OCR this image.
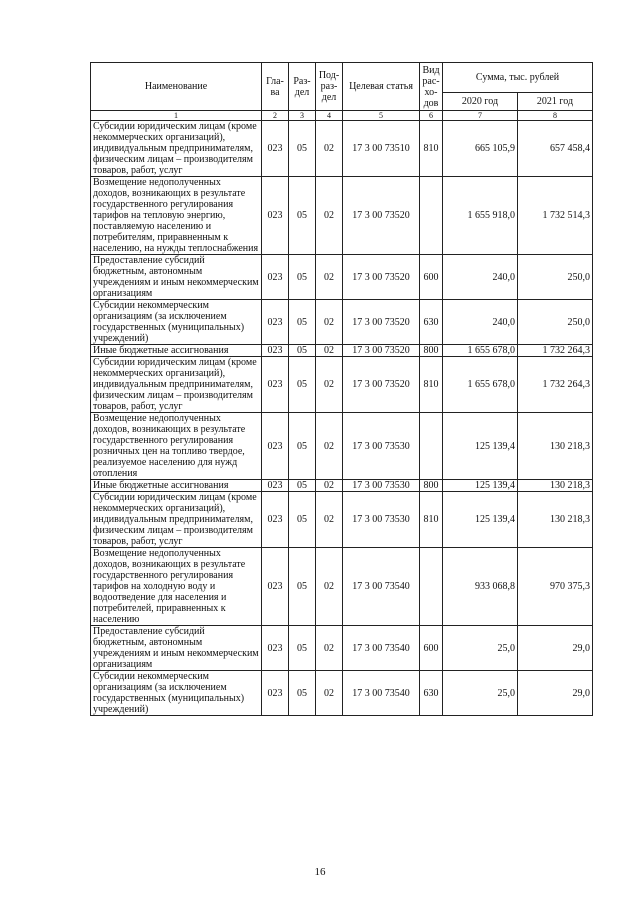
Наименование	Гла-ва	Раз-дел	Под-раз-дел	Целевая статья	Вид рас-хо-дов	Сумма, тыс. рублей	
						2020 год	2021 год
1	2	3	4	5	6	7	8
Субсидии юридическим лицам (кроме некоммерческих организаций), индивидуальным предпринимателям, физическим лицам – производителям товаров, работ, услуг	023	05	02	17 3 00 73510	810	665 105,9	657 458,4
Возмещение недополученных доходов, возникающих в результате государственного регулирования тарифов на тепловую энергию, поставляемую населению и потребителям, приравненным к населению, на нужды теплоснабжения	023	05	02	17 3 00 73520		1 655 918,0	1 732 514,3
Предоставление субсидий бюджетным, автономным учреждениям и иным некоммерческим организациям	023	05	02	17 3 00 73520	600	240,0	250,0
Субсидии некоммерческим организациям (за исключением государственных (муниципальных) учреждений)	023	05	02	17 3 00 73520	630	240,0	250,0
Иные бюджетные ассигнования	023	05	02	17 3 00 73520	800	1 655 678,0	1 732 264,3
Субсидии юридическим лицам (кроме некоммерческих организаций), индивидуальным предпринимателям, физическим лицам – производителям товаров, работ, услуг	023	05	02	17 3 00 73520	810	1 655 678,0	1 732 264,3
Возмещение недополученных доходов, возникающих в результате государственного регулирования розничных цен на топливо твердое, реализуемое населению для нужд отопления	023	05	02	17 3 00 73530		125 139,4	130 218,3
Иные бюджетные ассигнования	023	05	02	17 3 00 73530	800	125 139,4	130 218,3
Субсидии юридическим лицам (кроме некоммерческих организаций), индивидуальным предпринимателям, физическим лицам – производителям товаров, работ, услуг	023	05	02	17 3 00 73530	810	125 139,4	130 218,3
Возмещение недополученных доходов, возникающих в результате государственного регулирования тарифов на холодную воду и водоотведение для населения и потребителей, приравненных к населению	023	05	02	17 3 00 73540		933 068,8	970 375,3
Предоставление субсидий бюджетным, автономным учреждениям и иным некоммерческим организациям	023	05	02	17 3 00 73540	600	25,0	29,0
Субсидии некоммерческим организациям (за исключением государственных (муниципальных) учреждений)	023	05	02	17 3 00 73540	630	25,0	29,0
16
